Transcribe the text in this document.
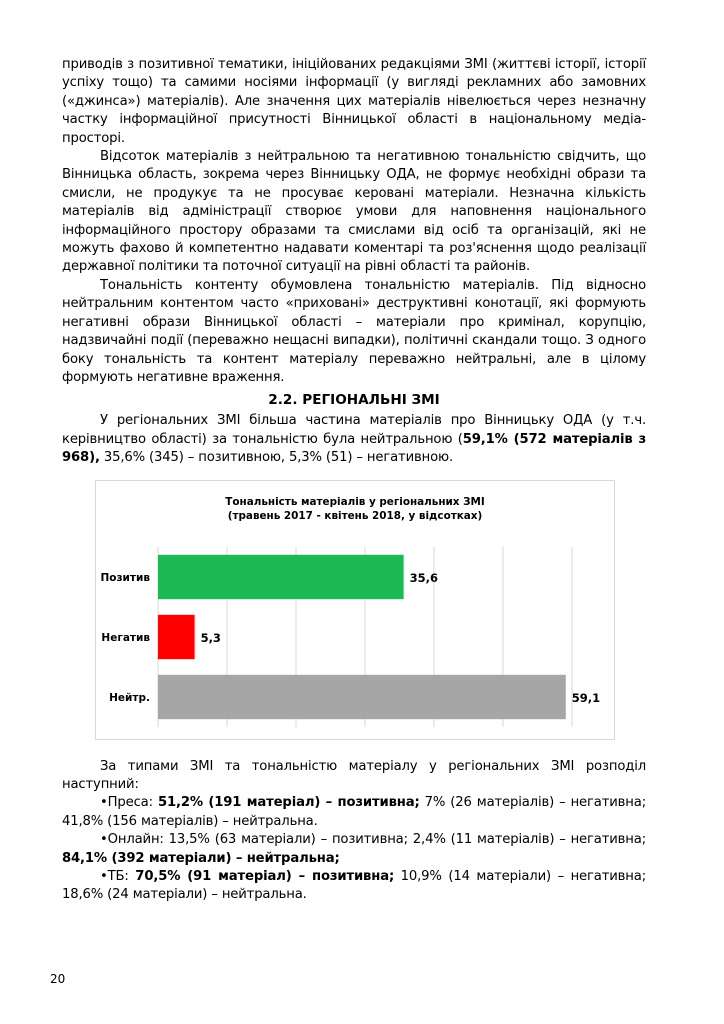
приводів з позитивної тематики, ініційованих редакціями ЗМІ (життєві історії, історії успіху тощо) та самими носіями інформації (у вигляді рекламних або замовних («джинса») матеріалів). Але значення цих матеріалів нівелюється через незначну частку інформаційної присутності Вінницької області в національному медіа-просторі.

Відсоток матеріалів з нейтральною та негативною тональністю свідчить, що Вінницька область, зокрема через Вінницьку ОДА, не формує необхідні образи та смисли, не продукує та не просуває керовані матеріали. Незначна кількість матеріалів від адміністрації створює умови для наповнення національного інформаційного простору образами та смислами від осіб та організацій, які не можуть фахово й компетентно надавати коментарі та роз'яснення щодо реалізації державної політики та поточної ситуації на рівні області та районів.

Тональність контенту обумовлена тональністю матеріалів. Під відносно нейтральним контентом часто «приховані» деструктивні конотації, які формують негативні образи Вінницької області – матеріали про кримінал, корупцію, надзвичайні події (переважно нещасні випадки), політичні скандали тощо. З одного боку тональність та контент матеріалу переважно нейтральні, але в цілому формують негативне враження.

2.2. РЕГІОНАЛЬНІ ЗМІ

У регіональних ЗМІ більша частина матеріалів про Вінницьку ОДА (у т.ч. керівництво області) за тональністю була нейтральною (59,1% (572 матеріалів з 968), 35,6% (345) – позитивною, 5,3% (51) – негативною.

Позитив	35,6
Негатив	5,3
Нейтр.	59,1
Тональність матеріалів у регіональних ЗМІ
(травень 2017 - квітень 2018, у відсотках)

За типами ЗМІ та тональністю матеріалу у регіональних ЗМІ розподіл наступний:

•Преса: 51,2% (191 матеріал) – позитивна; 7% (26 матеріалів) – негативна; 41,8% (156 матеріалів) – нейтральна.

•Онлайн: 13,5% (63 матеріали) – позитивна; 2,4% (11 матеріалів) – негативна; 84,1% (392 матеріали) – нейтральна;

•ТБ: 70,5% (91 матеріал) – позитивна; 10,9% (14 матеріали) – негативна; 18,6% (24 матеріали) – нейтральна.

20
